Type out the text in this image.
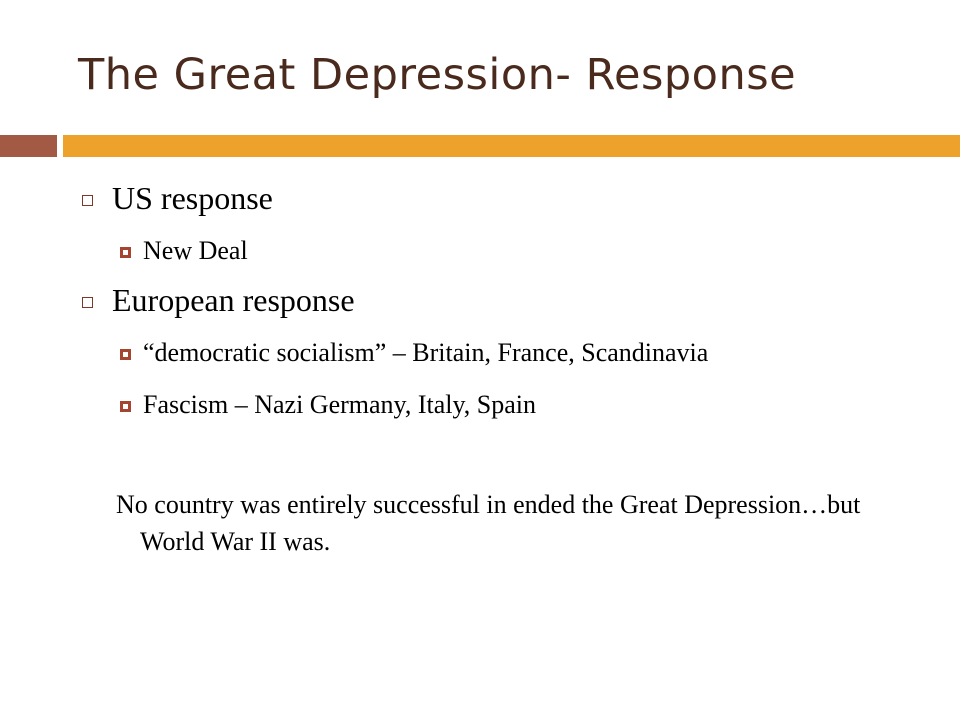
The Great Depression- Response
US response
New Deal
European response
“democratic socialism” – Britain, France, Scandinavia
Fascism – Nazi Germany, Italy, Spain
No country was entirely successful in ended the Great Depression…but World War II was.
